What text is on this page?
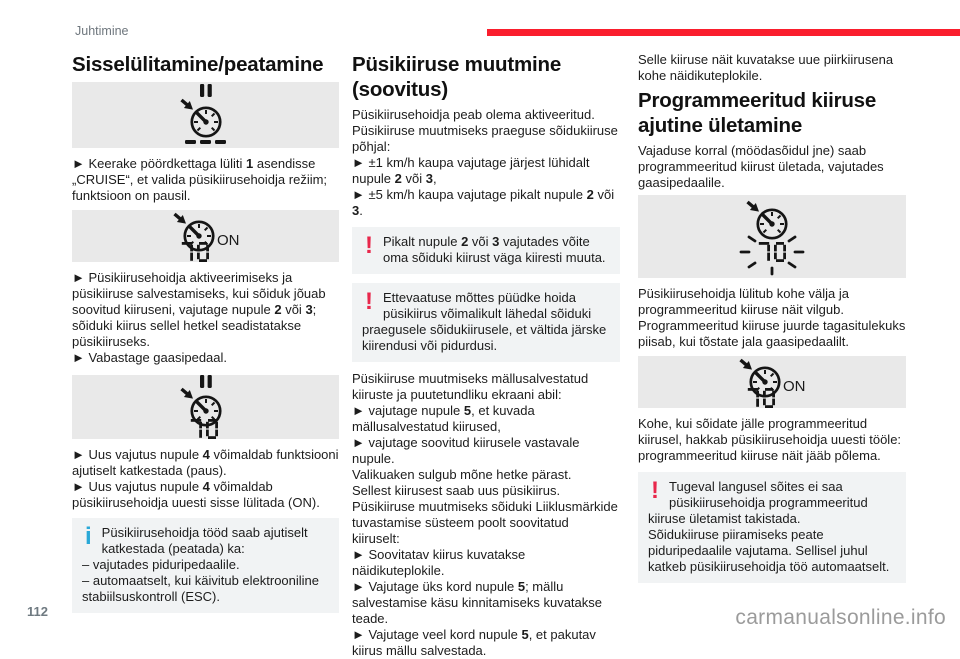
Juhtimine
Sisselülitamine/peatamine

► Keerake pöördkettaga lüliti 1 asendisse „CRUISE“, et valida püsikiirusehoidja režiim; funktsioon on pausil.

ON

► Püsikiirusehoidja aktiveerimiseks ja püsikiiruse salvestamiseks, kui sõiduk jõuab soovitud kiiruseni, vajutage nupule 2 või 3; sõiduki kiirus sellel hetkel seadistatakse püsikiiruseks.

► Vabastage gaasipedaal.

► Uus vajutus nupule 4 võimaldab funktsiooni ajutiselt katkestada (paus).

► Uus vajutus nupule 4 võimaldab püsikiirusehoidja uuesti sisse lülitada (ON).

i Püsikiirusehoidja tööd saab ajutiselt katkestada (peatada) ka:

– vajutades piduripedaalile.

– automaatselt, kui käivitub elektrooniline stabiilsuskontroll (ESC).

Püsikiiruse muutmine (soovitus)

Püsikiirusehoidja peab olema aktiveeritud.

Püsikiiruse muutmiseks praeguse sõidukiiruse põhjal:

► ±1 km/h kaupa vajutage järjest lühidalt nupule 2 või 3,

► ±5 km/h kaupa vajutage pikalt nupule 2 või 3.

! Pikalt nupule 2 või 3 vajutades võite oma sõiduki kiirust väga kiiresti muuta.

! Ettevaatuse mõttes püüdke hoida püsikiirus võimalikult lähedal sõiduki praegusele sõidukiirusele, et vältida järske kiirendusi või pidurdusi.

Püsikiiruse muutmiseks mällusalvestatud kiiruste ja puutetundliku ekraani abil:

► vajutage nupule 5, et kuvada mällusalvestatud kiirused,

► vajutage soovitud kiirusele vastavale nupule.

Valikuaken sulgub mõne hetke pärast.

Sellest kiirusest saab uus püsikiirus.

Püsikiiruse muutmiseks sõiduki Liiklusmärkide tuvastamise süsteem poolt soovitatud kiiruselt:

► Soovitatav kiirus kuvatakse näidikuteplokile.

► Vajutage üks kord nupule 5; mällu salvestamise käsu kinnitamiseks kuvatakse teade.

► Vajutage veel kord nupule 5, et pakutav kiirus mällu salvestada.

Selle kiiruse näit kuvatakse uue piirkiirusena kohe näidikuteplokile.

Programmeeritud kiiruse ajutine ületamine

Vajaduse korral (möödasõidul jne) saab programmeeritud kiirust ületada, vajutades gaasipedaalile.

Püsikiirusehoidja lülitub kohe välja ja programmeeritud kiiruse näit vilgub.

Programmeeritud kiiruse juurde tagasitulekuks piisab, kui tõstate jala gaasipedaalilt.

ON

Kohe, kui sõidate jälle programmeeritud kiirusel, hakkab püsikiirusehoidja uuesti tööle: programmeeritud kiiruse näit jääb põlema.

! Tugeval langusel sõites ei saa püsikiirusehoidja programmeeritud kiiruse ületamist takistada.

Sõidukiiruse piiramiseks peate piduripedaalile vajutama. Sellisel juhul katkeb püsikiirusehoidja töö automaatselt.

112	carmanualsonline.info
